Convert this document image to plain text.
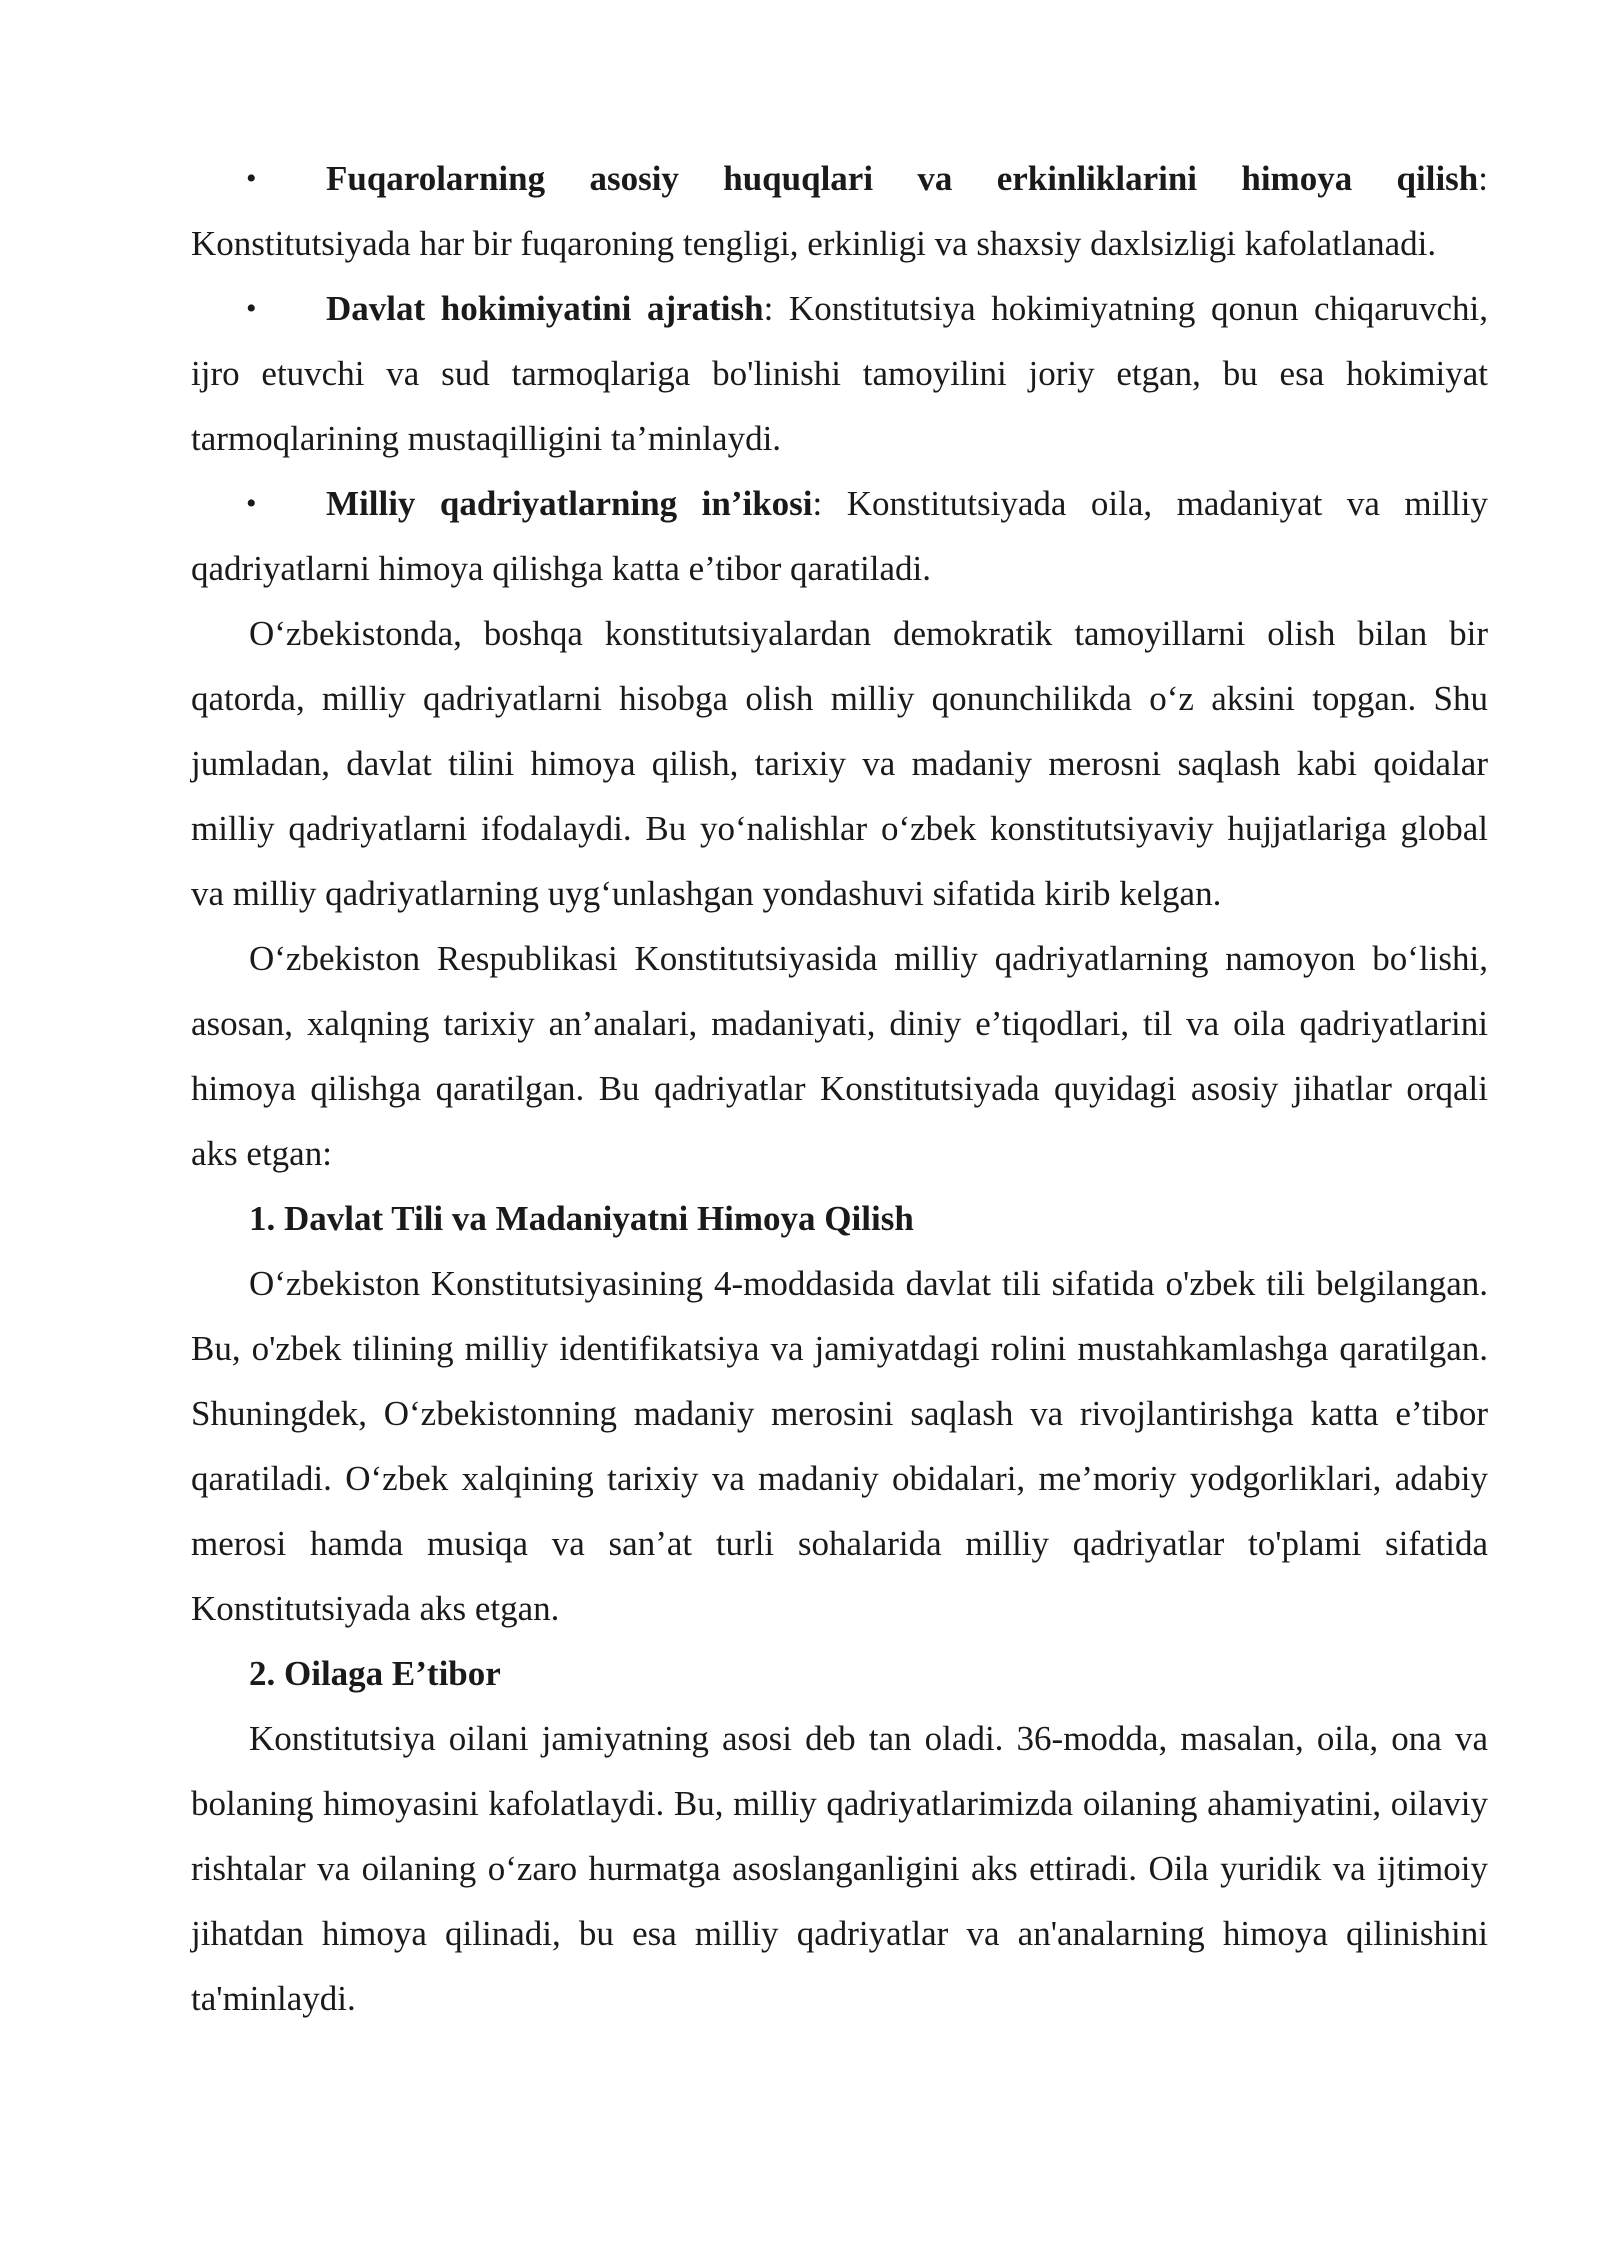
• Fuqarolarning asosiy huquqlari va erkinliklarini himoya qilish: Konstitutsiyada har bir fuqaroning tengligi, erkinligi va shaxsiy daxlsizligi kafolatlanadi.

• Davlat hokimiyatini ajratish: Konstitutsiya hokimiyatning qonun chiqaruvchi, ijro etuvchi va sud tarmoqlariga bo'linishi tamoyilini joriy etgan, bu esa hokimiyat tarmoqlarining mustaqilligini ta’minlaydi.

• Milliy qadriyatlarning in’ikosi: Konstitutsiyada oila, madaniyat va milliy qadriyatlarni himoya qilishga katta e’tibor qaratiladi.

O‘zbekistonda, boshqa konstitutsiyalardan demokratik tamoyillarni olish bilan bir qatorda, milliy qadriyatlarni hisobga olish milliy qonunchilikda o‘z aksini topgan. Shu jumladan, davlat tilini himoya qilish, tarixiy va madaniy merosni saqlash kabi qoidalar milliy qadriyatlarni ifodalaydi. Bu yo‘nalishlar o‘zbek konstitutsiyaviy hujjatlariga global va milliy qadriyatlarning uyg‘unlashgan yondashuvi sifatida kirib kelgan.

O‘zbekiston Respublikasi Konstitutsiyasida milliy qadriyatlarning namoyon bo‘lishi, asosan, xalqning tarixiy an’analari, madaniyati, diniy e’tiqodlari, til va oila qadriyatlarini himoya qilishga qaratilgan. Bu qadriyatlar Konstitutsiyada quyidagi asosiy jihatlar orqali aks etgan:

1. Davlat Tili va Madaniyatni Himoya Qilish

O‘zbekiston Konstitutsiyasining 4-moddasida davlat tili sifatida o'zbek tili belgilangan. Bu, o'zbek tilining milliy identifikatsiya va jamiyatdagi rolini mustahkamlashga qaratilgan. Shuningdek, O‘zbekistonning madaniy merosini saqlash va rivojlantirishga katta e’tibor qaratiladi. O‘zbek xalqining tarixiy va madaniy obidalari, me’moriy yodgorliklari, adabiy merosi hamda musiqa va san’at turli sohalarida milliy qadriyatlar to'plami sifatida Konstitutsiyada aks etgan.

2. Oilaga E’tibor

Konstitutsiya oilani jamiyatning asosi deb tan oladi. 36-modda, masalan, oila, ona va bolaning himoyasini kafolatlaydi. Bu, milliy qadriyatlarimizda oilaning ahamiyatini, oilaviy rishtalar va oilaning o‘zaro hurmatga asoslanganligini aks ettiradi. Oila yuridik va ijtimoiy jihatdan himoya qilinadi, bu esa milliy qadriyatlar va an'analarning himoya qilinishini ta'minlaydi.
